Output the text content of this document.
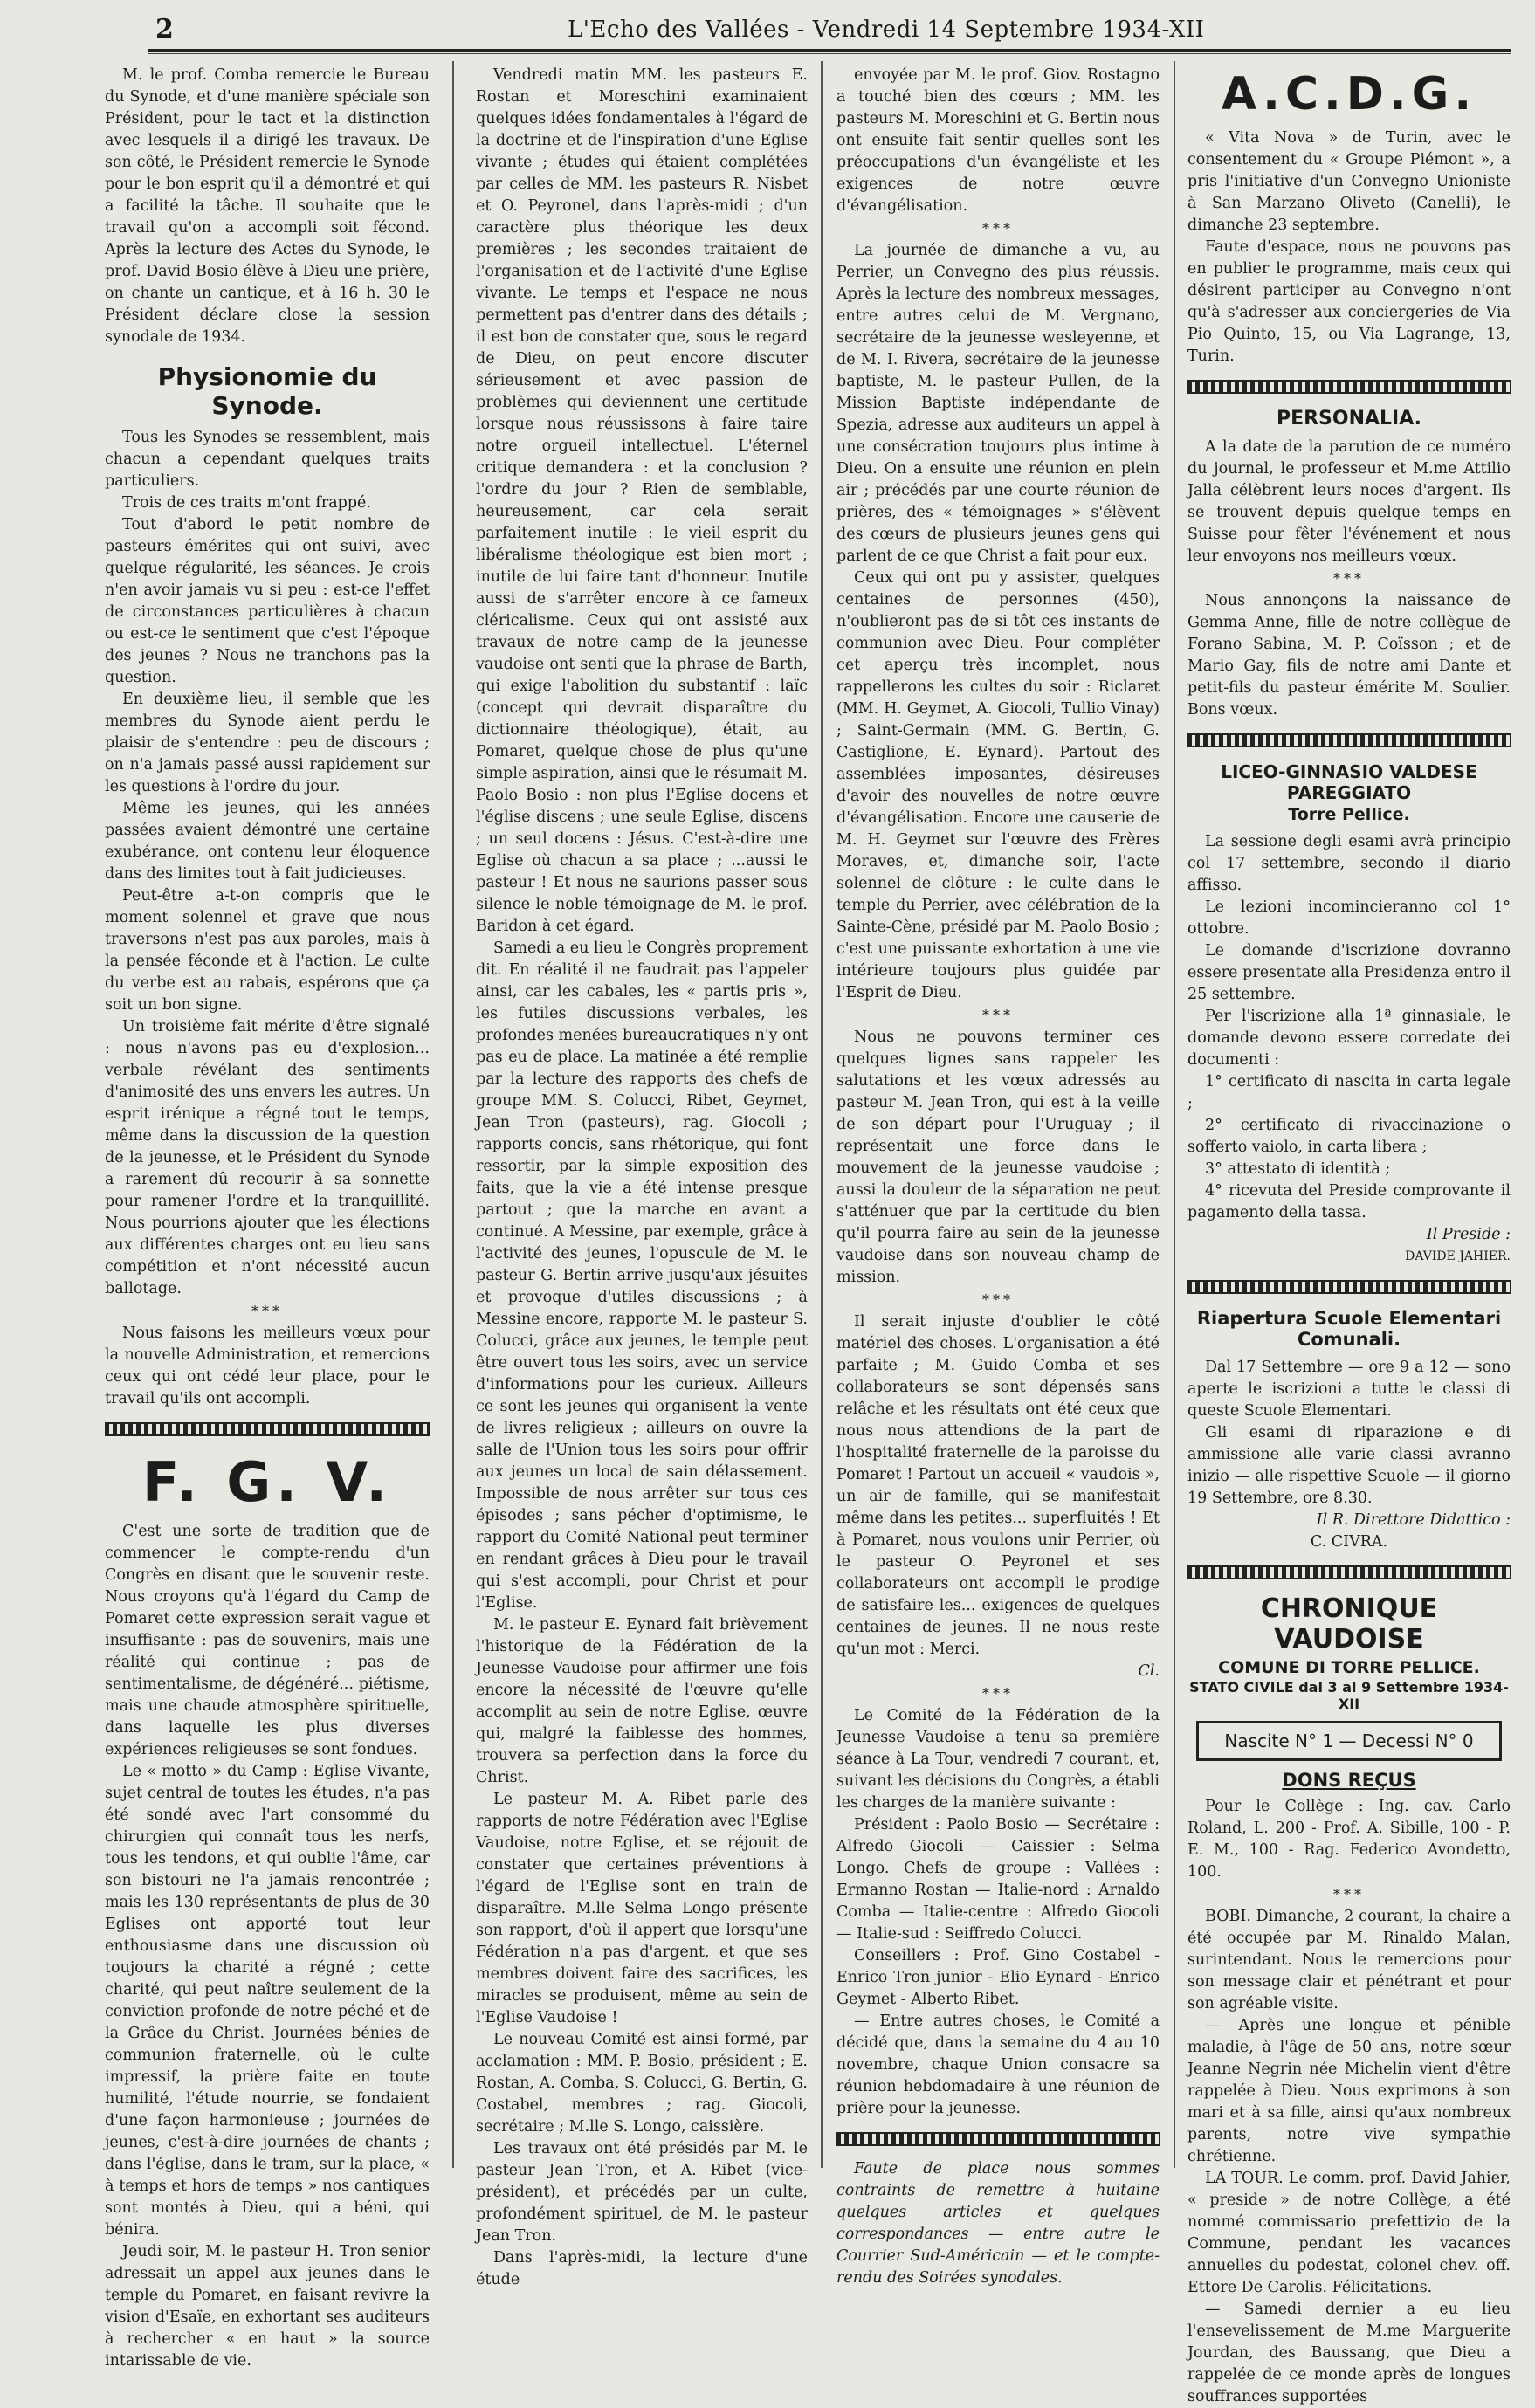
2	L'Echo des Vallées - Vendredi 14 Septembre 1934-XII

M. le prof. Comba remercie le Bureau du Synode, et d'une manière spéciale son Président, pour le tact et la distinction avec lesquels il a dirigé les travaux. De son côté, le Président remercie le Synode pour le bon esprit qu'il a démontré et qui a facilité la tâche. Il souhaite que le travail qu'on a accompli soit fécond. Après la lecture des Actes du Synode, le prof. David Bosio élève à Dieu une prière, on chante un cantique, et à 16 h. 30 le Président déclare close la session synodale de 1934.

Physionomie du Synode.

Tous les Synodes se ressemblent, mais chacun a cependant quelques traits particuliers.

Trois de ces traits m'ont frappé.

Tout d'abord le petit nombre de pasteurs émérites qui ont suivi, avec quelque régularité, les séances. Je crois n'en avoir jamais vu si peu : est-ce l'effet de circonstances particulières à chacun ou est-ce le sentiment que c'est l'époque des jeunes ? Nous ne tranchons pas la question.

En deuxième lieu, il semble que les membres du Synode aient perdu le plaisir de s'entendre : peu de discours ; on n'a jamais passé aussi rapidement sur les questions à l'ordre du jour.

Même les jeunes, qui les années passées avaient démontré une certaine exubérance, ont contenu leur éloquence dans des limites tout à fait judicieuses.

Peut-être a-t-on compris que le moment solennel et grave que nous traversons n'est pas aux paroles, mais à la pensée féconde et à l'action. Le culte du verbe est au rabais, espérons que ça soit un bon signe.

Un troisième fait mérite d'être signalé : nous n'avons pas eu d'explosion... verbale révélant des sentiments d'animosité des uns envers les autres. Un esprit irénique a régné tout le temps, même dans la discussion de la question de la jeunesse, et le Président du Synode a rarement dû recourir à sa sonnette pour ramener l'ordre et la tranquillité. Nous pourrions ajouter que les élections aux différentes charges ont eu lieu sans compétition et n'ont nécessité aucun ballotage.

***

Nous faisons les meilleurs vœux pour la nouvelle Administration, et remercions ceux qui ont cédé leur place, pour le travail qu'ils ont accompli.

F. G. V.

C'est une sorte de tradition que de commencer le compte-rendu d'un Congrès en disant que le souvenir reste. Nous croyons qu'à l'égard du Camp de Pomaret cette expression serait vague et insuffisante : pas de souvenirs, mais une réalité qui continue ; pas de sentimentalisme, de dégénéré... piétisme, mais une chaude atmosphère spirituelle, dans laquelle les plus diverses expériences religieuses se sont fondues.

Le « motto » du Camp : Eglise Vivante, sujet central de toutes les études, n'a pas été sondé avec l'art consommé du chirurgien qui connaît tous les nerfs, tous les tendons, et qui oublie l'âme, car son bistouri ne l'a jamais rencontrée ; mais les 130 représentants de plus de 30 Eglises ont apporté tout leur enthousiasme dans une discussion où toujours la charité a régné ; cette charité, qui peut naître seulement de la conviction profonde de notre péché et de la Grâce du Christ. Journées bénies de communion fraternelle, où le culte impressif, la prière faite en toute humilité, l'étude nourrie, se fondaient d'une façon harmonieuse ; journées de jeunes, c'est-à-dire journées de chants ; dans l'église, dans le tram, sur la place, « à temps et hors de temps » nos cantiques sont montés à Dieu, qui a béni, qui bénira.

Jeudi soir, M. le pasteur H. Tron senior adressait un appel aux jeunes dans le temple du Pomaret, en faisant revivre la vision d'Esaïe, en exhortant ses auditeurs à rechercher « en haut » la source intarissable de vie.

Vendredi matin MM. les pasteurs E. Rostan et Moreschini examinaient quelques idées fondamentales à l'égard de la doctrine et de l'inspiration d'une Eglise vivante ; études qui étaient complétées par celles de MM. les pasteurs R. Nisbet et O. Peyronel, dans l'après-midi ; d'un caractère plus théorique les deux premières ; les secondes traitaient de l'organisation et de l'activité d'une Eglise vivante. Le temps et l'espace ne nous permettent pas d'entrer dans des détails ; il est bon de constater que, sous le regard de Dieu, on peut encore discuter sérieusement et avec passion de problèmes qui deviennent une certitude lorsque nous réussissons à faire taire notre orgueil intellectuel. L'éternel critique demandera : et la conclusion ? l'ordre du jour ? Rien de semblable, heureusement, car cela serait parfaitement inutile : le vieil esprit du libéralisme théologique est bien mort ; inutile de lui faire tant d'honneur. Inutile aussi de s'arrêter encore à ce fameux cléricalisme. Ceux qui ont assisté aux travaux de notre camp de la jeunesse vaudoise ont senti que la phrase de Barth, qui exige l'abolition du substantif : laïc (concept qui devrait disparaître du dictionnaire théologique), était, au Pomaret, quelque chose de plus qu'une simple aspiration, ainsi que le résumait M. Paolo Bosio : non plus l'Eglise docens et l'église discens ; une seule Eglise, discens ; un seul docens : Jésus. C'est-à-dire une Eglise où chacun a sa place ; ...aussi le pasteur ! Et nous ne saurions passer sous silence le noble témoignage de M. le prof. Baridon à cet égard.

Samedi a eu lieu le Congrès proprement dit. En réalité il ne faudrait pas l'appeler ainsi, car les cabales, les « partis pris », les futiles discussions verbales, les profondes menées bureaucratiques n'y ont pas eu de place. La matinée a été remplie par la lecture des rapports des chefs de groupe MM. S. Colucci, Ribet, Geymet, Jean Tron (pasteurs), rag. Giocoli ; rapports concis, sans rhétorique, qui font ressortir, par la simple exposition des faits, que la vie a été intense presque partout ; que la marche en avant a continué. A Messine, par exemple, grâce à l'activité des jeunes, l'opuscule de M. le pasteur G. Bertin arrive jusqu'aux jésuites et provoque d'utiles discussions ; à Messine encore, rapporte M. le pasteur S. Colucci, grâce aux jeunes, le temple peut être ouvert tous les soirs, avec un service d'informations pour les curieux. Ailleurs ce sont les jeunes qui organisent la vente de livres religieux ; ailleurs on ouvre la salle de l'Union tous les soirs pour offrir aux jeunes un local de sain délassement. Impossible de nous arrêter sur tous ces épisodes ; sans pécher d'optimisme, le rapport du Comité National peut terminer en rendant grâces à Dieu pour le travail qui s'est accompli, pour Christ et pour l'Eglise.

M. le pasteur E. Eynard fait brièvement l'historique de la Fédération de la Jeunesse Vaudoise pour affirmer une fois encore la nécessité de l'œuvre qu'elle accomplit au sein de notre Eglise, œuvre qui, malgré la faiblesse des hommes, trouvera sa perfection dans la force du Christ.

Le pasteur M. A. Ribet parle des rapports de notre Fédération avec l'Eglise Vaudoise, notre Eglise, et se réjouit de constater que certaines préventions à l'égard de l'Eglise sont en train de disparaître. M.lle Selma Longo présente son rapport, d'où il appert que lorsqu'une Fédération n'a pas d'argent, et que ses membres doivent faire des sacrifices, les miracles se produisent, même au sein de l'Eglise Vaudoise !

Le nouveau Comité est ainsi formé, par acclamation : MM. P. Bosio, président ; E. Rostan, A. Comba, S. Colucci, G. Bertin, G. Costabel, membres ; rag. Giocoli, secrétaire ; M.lle S. Longo, caissière.

Les travaux ont été présidés par M. le pasteur Jean Tron, et A. Ribet (vice-président), et précédés par un culte, profondément spirituel, de M. le pasteur Jean Tron.

Dans l'après-midi, la lecture d'une étude

envoyée par M. le prof. Giov. Rostagno a touché bien des cœurs ; MM. les pasteurs M. Moreschini et G. Bertin nous ont ensuite fait sentir quelles sont les préoccupations d'un évangéliste et les exigences de notre œuvre d'évangélisation.

***

La journée de dimanche a vu, au Perrier, un Convegno des plus réussis. Après la lecture des nombreux messages, entre autres celui de M. Vergnano, secrétaire de la jeunesse wesleyenne, et de M. I. Rivera, secrétaire de la jeunesse baptiste, M. le pasteur Pullen, de la Mission Baptiste indépendante de Spezia, adresse aux auditeurs un appel à une consécration toujours plus intime à Dieu. On a ensuite une réunion en plein air ; précédés par une courte réunion de prières, des « témoignages » s'élèvent des cœurs de plusieurs jeunes gens qui parlent de ce que Christ a fait pour eux.

Ceux qui ont pu y assister, quelques centaines de personnes (450), n'oublieront pas de si tôt ces instants de communion avec Dieu. Pour compléter cet aperçu très incomplet, nous rappellerons les cultes du soir : Riclaret (MM. H. Geymet, A. Giocoli, Tullio Vinay) ; Saint-Germain (MM. G. Bertin, G. Castiglione, E. Eynard). Partout des assemblées imposantes, désireuses d'avoir des nouvelles de notre œuvre d'évangélisation. Encore une causerie de M. H. Geymet sur l'œuvre des Frères Moraves, et, dimanche soir, l'acte solennel de clôture : le culte dans le temple du Perrier, avec célébration de la Sainte-Cène, présidé par M. Paolo Bosio ; c'est une puissante exhortation à une vie intérieure toujours plus guidée par l'Esprit de Dieu.

***

Nous ne pouvons terminer ces quelques lignes sans rappeler les salutations et les vœux adressés au pasteur M. Jean Tron, qui est à la veille de son départ pour l'Uruguay ; il représentait une force dans le mouvement de la jeunesse vaudoise ; aussi la douleur de la séparation ne peut s'atténuer que par la certitude du bien qu'il pourra faire au sein de la jeunesse vaudoise dans son nouveau champ de mission.

***

Il serait injuste d'oublier le côté matériel des choses. L'organisation a été parfaite ; M. Guido Comba et ses collaborateurs se sont dépensés sans relâche et les résultats ont été ceux que nous nous attendions de la part de l'hospitalité fraternelle de la paroisse du Pomaret ! Partout un accueil « vaudois », un air de famille, qui se manifestait même dans les petites... superfluités ! Et à Pomaret, nous voulons unir Perrier, où le pasteur O. Peyronel et ses collaborateurs ont accompli le prodige de satisfaire les... exigences de quelques centaines de jeunes. Il ne nous reste qu'un mot : Merci.

Cl.

***

Le Comité de la Fédération de la Jeunesse Vaudoise a tenu sa première séance à La Tour, vendredi 7 courant, et, suivant les décisions du Congrès, a établi les charges de la manière suivante :

Président : Paolo Bosio — Secrétaire : Alfredo Giocoli — Caissier : Selma Longo. Chefs de groupe : Vallées : Ermanno Rostan — Italie-nord : Arnaldo Comba — Italie-centre : Alfredo Giocoli — Italie-sud : Seiffredo Colucci.

Conseillers : Prof. Gino Costabel - Enrico Tron junior - Elio Eynard - Enrico Geymet - Alberto Ribet.

— Entre autres choses, le Comité a décidé que, dans la semaine du 4 au 10 novembre, chaque Union consacre sa réunion hebdomadaire à une réunion de prière pour la jeunesse.

Faute de place nous sommes contraints de remettre à huitaine quelques articles et quelques correspondances — entre autre le Courrier Sud-Américain — et le compte-rendu des Soirées synodales.

A.C.D.G.

« Vita Nova » de Turin, avec le consentement du « Groupe Piémont », a pris l'initiative d'un Convegno Unioniste à San Marzano Oliveto (Canelli), le dimanche 23 septembre.

Faute d'espace, nous ne pouvons pas en publier le programme, mais ceux qui désirent participer au Convegno n'ont qu'à s'adresser aux conciergeries de Via Pio Quinto, 15, ou Via Lagrange, 13, Turin.

PERSONALIA.

A la date de la parution de ce numéro du journal, le professeur et M.me Attilio Jalla célèbrent leurs noces d'argent. Ils se trouvent depuis quelque temps en Suisse pour fêter l'événement et nous leur envoyons nos meilleurs vœux.

***

Nous annonçons la naissance de Gemma Anne, fille de notre collègue de Forano Sabina, M. P. Coïsson ; et de Mario Gay, fils de notre ami Dante et petit-fils du pasteur émérite M. Soulier. Bons vœux.

LICEO-GINNASIO VALDESE PAREGGIATO
Torre Pellice.

La sessione degli esami avrà principio col 17 settembre, secondo il diario affisso.

Le lezioni incomincieranno col 1° ottobre.

Le domande d'iscrizione dovranno essere presentate alla Presidenza entro il 25 settembre.

Per l'iscrizione alla 1ª ginnasiale, le domande devono essere corredate dei documenti :

1° certificato di nascita in carta legale ;

2° certificato di rivaccinazione o sofferto vaiolo, in carta libera ;

3° attestato di identità ;

4° ricevuta del Preside comprovante il pagamento della tassa.

Il Preside :

DAVIDE JAHIER.

Riapertura Scuole Elementari Comunali.

Dal 17 Settembre — ore 9 a 12 — sono aperte le iscrizioni a tutte le classi di queste Scuole Elementari.

Gli esami di riparazione e di ammissione alle varie classi avranno inizio — alle rispettive Scuole — il giorno 19 Settembre, ore 8.30.

Il R. Direttore Didattico :

C. CIVRA.

CHRONIQUE VAUDOISE
COMUNE DI TORRE PELLICE.
STATO CIVILE dal 3 al 9 Settembre 1934-XII
Nascite N° 1 — Decessi N° 0
DONS REÇUS

Pour le Collège : Ing. cav. Carlo Roland, L. 200 - Prof. A. Sibille, 100 - P. E. M., 100 - Rag. Federico Avondetto, 100.

***

BOBI. Dimanche, 2 courant, la chaire a été occupée par M. Rinaldo Malan, surintendant. Nous le remercions pour son message clair et pénétrant et pour son agréable visite.

— Après une longue et pénible maladie, à l'âge de 50 ans, notre sœur Jeanne Negrin née Michelin vient d'être rappelée à Dieu. Nous exprimons à son mari et à sa fille, ainsi qu'aux nombreux parents, notre vive sympathie chrétienne.

LA TOUR. Le comm. prof. David Jahier, « preside » de notre Collège, a été nommé commissario prefettizio de la Commune, pendant les vacances annuelles du podestat, colonel chev. off. Ettore De Carolis. Félicitations.

— Samedi dernier a eu lieu l'ensevelissement de M.me Marguerite Jourdan, des Baussang, que Dieu a rappelée de ce monde après de longues souffrances supportées
